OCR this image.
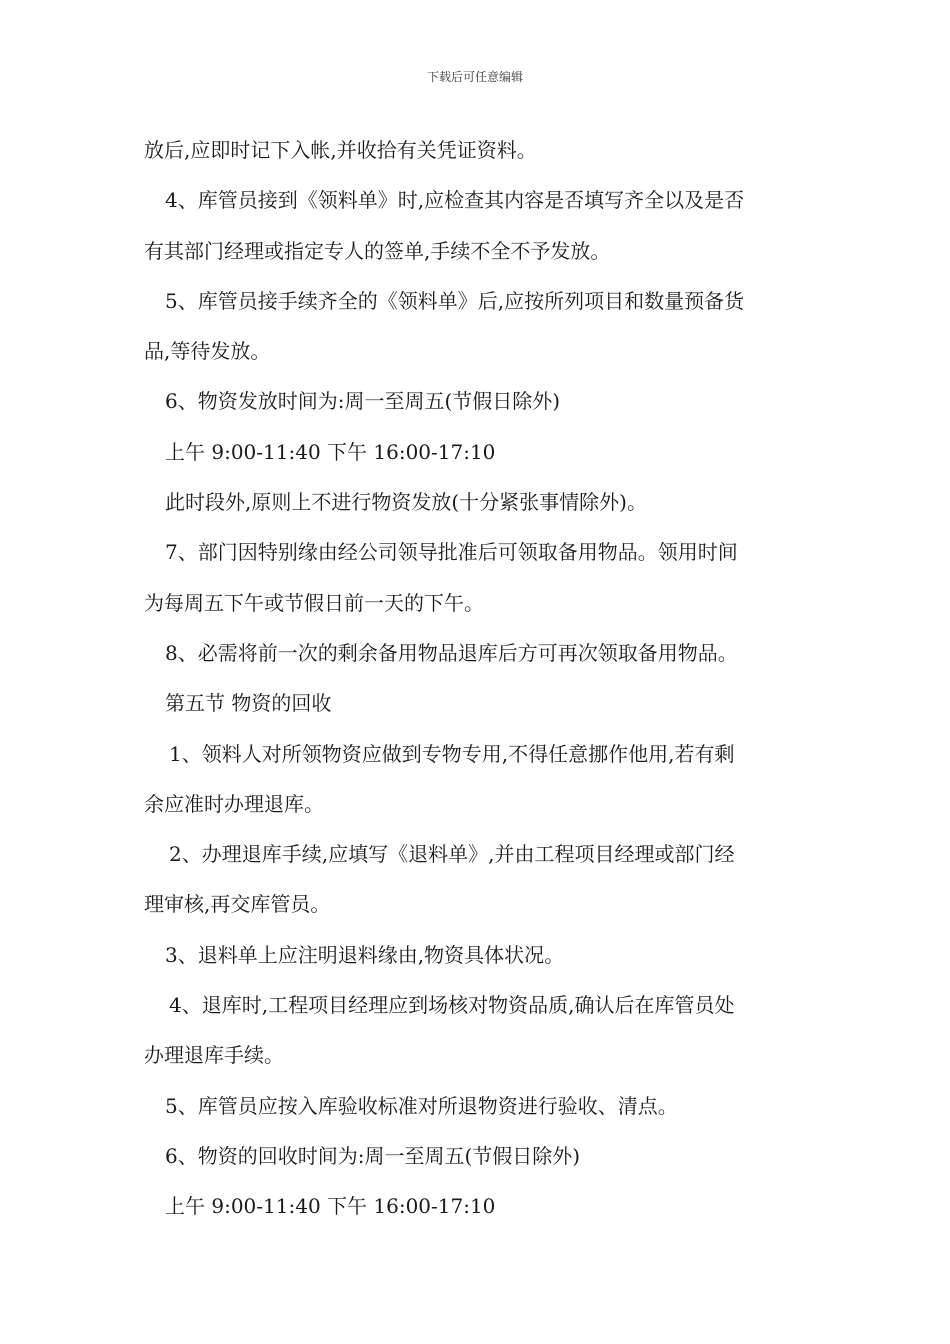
下载后可任意编辑
放后,应即时记下入帐,并收拾有关凭证资料。
4、库管员接到《领料单》时,应检查其内容是否填写齐全以及是否
有其部门经理或指定专人的签单,手续不全不予发放。
5、库管员接手续齐全的《领料单》后,应按所列项目和数量预备货
品,等待发放。
6、物资发放时间为:周一至周五(节假日除外)
上午 9:00-11:40 下午 16:00-17:10
此时段外,原则上不进行物资发放(十分紧张事情除外)。
7、部门因特别缘由经公司领导批准后可领取备用物品。领用时间
为每周五下午或节假日前一天的下午。
8、必需将前一次的剩余备用物品退库后方可再次领取备用物品。
第五节 物资的回收
1、领料人对所领物资应做到专物专用,不得任意挪作他用,若有剩
余应准时办理退库。
2、办理退库手续,应填写《退料单》,并由工程项目经理或部门经
理审核,再交库管员。
3、退料单上应注明退料缘由,物资具体状况。
4、退库时,工程项目经理应到场核对物资品质,确认后在库管员处
办理退库手续。
5、库管员应按入库验收标准对所退物资进行验收、清点。
6、物资的回收时间为:周一至周五(节假日除外)
上午 9:00-11:40 下午 16:00-17:10
